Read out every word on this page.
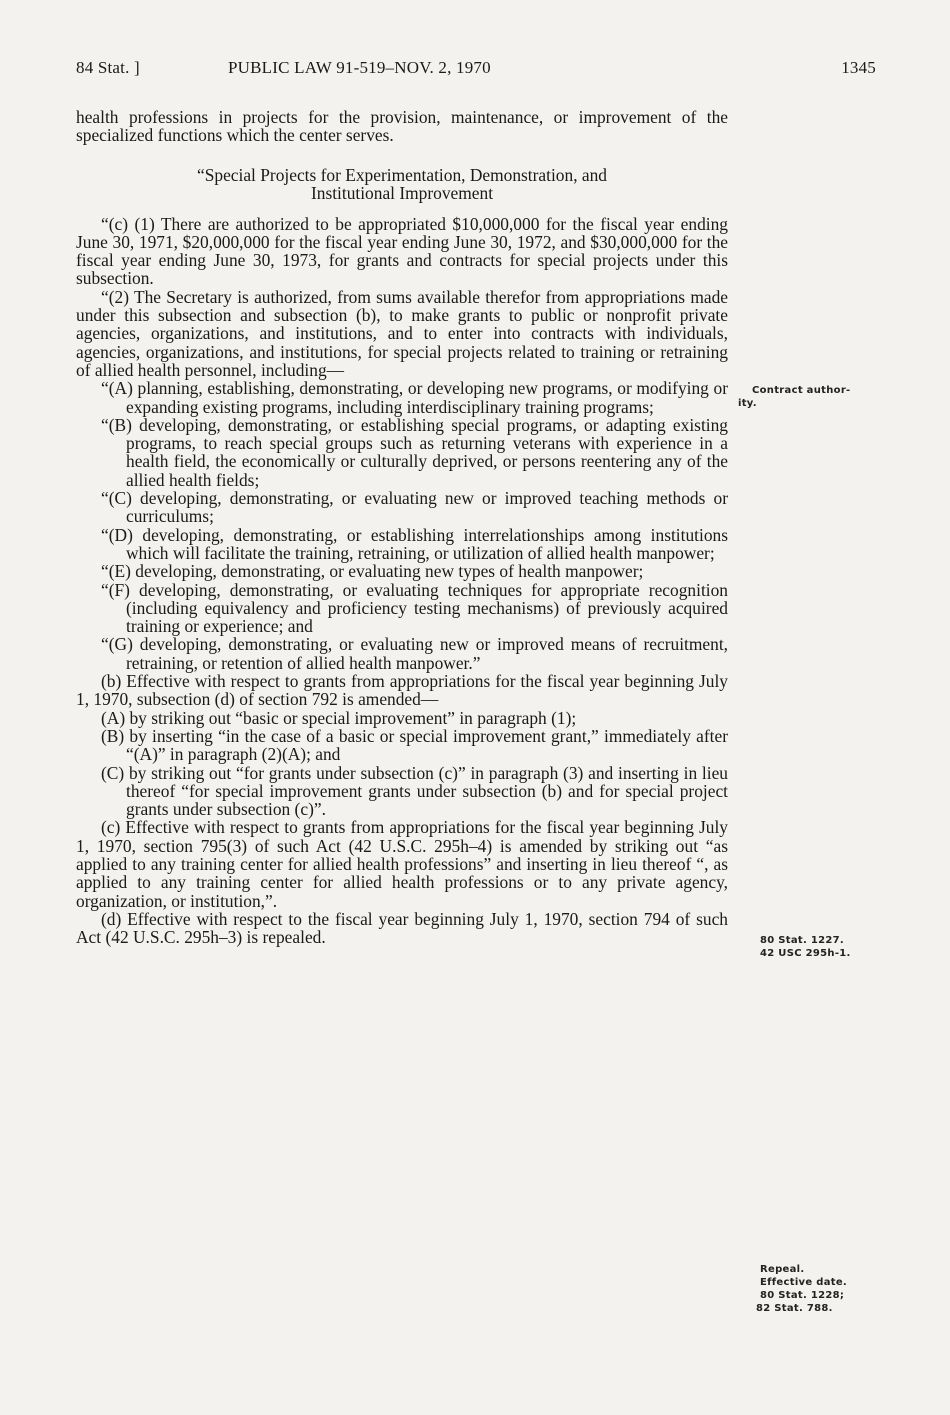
84 Stat. ]	PUBLIC LAW 91-519–NOV. 2, 1970	1345

health professions in projects for the provision, maintenance, or improvement of the specialized functions which the center serves.

“Special Projects for Experimentation, Demonstration, and

Institutional Improvement

“(c) (1) There are authorized to be appropriated $10,000,000 for the fiscal year ending June 30, 1971, $20,000,000 for the fiscal year ending June 30, 1972, and $30,000,000 for the fiscal year ending June 30, 1973, for grants and contracts for special projects under this subsection.

“(2) The Secretary is authorized, from sums available therefor from appropriations made under this subsection and subsection (b), to make grants to public or nonprofit private agencies, organizations, and institutions, and to enter into contracts with individuals, agencies, organizations, and institutions, for special projects related to training or retraining of allied health personnel, including—

“(A) planning, establishing, demonstrating, or developing new programs, or modifying or expanding existing programs, including interdisciplinary training programs;

“(B) developing, demonstrating, or establishing special programs, or adapting existing programs, to reach special groups such as returning veterans with experience in a health field, the economically or culturally deprived, or persons reentering any of the allied health fields;

“(C) developing, demonstrating, or evaluating new or improved teaching methods or curriculums;

“(D) developing, demonstrating, or establishing interrelationships among institutions which will facilitate the training, retraining, or utilization of allied health manpower;

“(E) developing, demonstrating, or evaluating new types of health manpower;

“(F) developing, demonstrating, or evaluating techniques for appropriate recognition (including equivalency and proficiency testing mechanisms) of previously acquired training or experience; and

“(G) developing, demonstrating, or evaluating new or improved means of recruitment, retraining, or retention of allied health manpower.”

(b) Effective with respect to grants from appropriations for the fiscal year beginning July 1, 1970, subsection (d) of section 792 is amended—

(A) by striking out “basic or special improvement” in paragraph (1);

(B) by inserting “in the case of a basic or special improvement grant,” immediately after “(A)” in paragraph (2)(A); and

(C) by striking out “for grants under subsection (c)” in paragraph (3) and inserting in lieu thereof “for special improvement grants under subsection (b) and for special project grants under subsection (c)”.

(c) Effective with respect to grants from appropriations for the fiscal year beginning July 1, 1970, section 795(3) of such Act (42 U.S.C. 295h–4) is amended by striking out “as applied to any training center for allied health professions” and inserting in lieu thereof “, as applied to any training center for allied health professions or to any private agency, organization, or institution,”.

(d) Effective with respect to the fiscal year beginning July 1, 1970, section 794 of such Act (42 U.S.C. 295h–3) is repealed.

Contract author-
ity.
80 Stat. 1227.
42 USC 295h-1.
Repeal.
Effective date.
80 Stat. 1228;
82 Stat. 788.
